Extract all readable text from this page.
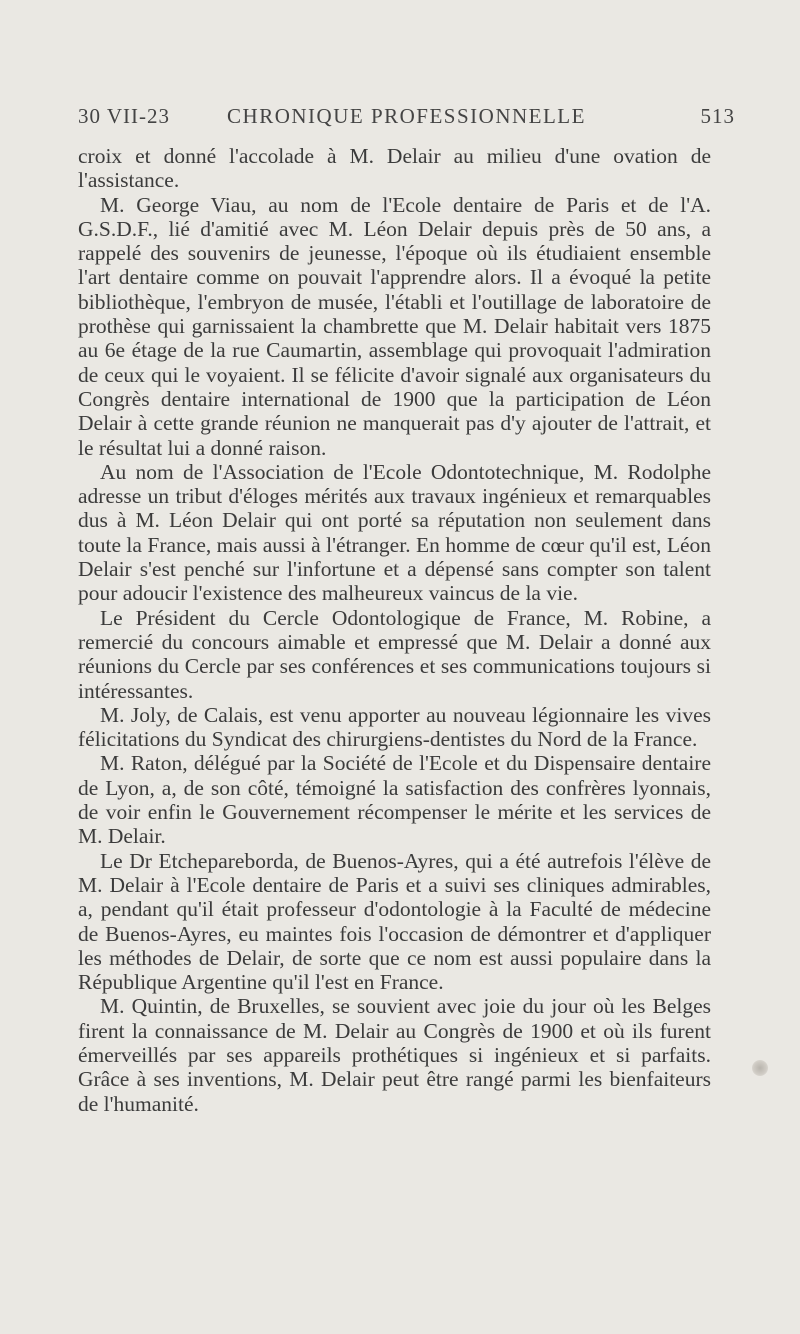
30 VII-23	CHRONIQUE PROFESSIONNELLE	513

croix et donné l'accolade à M. Delair au milieu d'une ovation de l'assistance.

M. George Viau, au nom de l'Ecole dentaire de Paris et de l'A. G.S.D.F., lié d'amitié avec M. Léon Delair depuis près de 50 ans, a rappelé des souvenirs de jeunesse, l'époque où ils étudiaient ensemble l'art dentaire comme on pouvait l'apprendre alors. Il a évoqué la petite bibliothèque, l'embryon de musée, l'établi et l'outillage de laboratoire de prothèse qui garnissaient la chambrette que M. Delair habitait vers 1875 au 6e étage de la rue Caumartin, assemblage qui provoquait l'admiration de ceux qui le voyaient. Il se félicite d'avoir signalé aux organisateurs du Congrès dentaire international de 1900 que la participation de Léon Delair à cette grande réunion ne manquerait pas d'y ajouter de l'attrait, et le résultat lui a donné raison.

Au nom de l'Association de l'Ecole Odontotechnique, M. Rodolphe adresse un tribut d'éloges mérités aux travaux ingénieux et remarquables dus à M. Léon Delair qui ont porté sa réputation non seulement dans toute la France, mais aussi à l'étranger. En homme de cœur qu'il est, Léon Delair s'est penché sur l'infortune et a dépensé sans compter son talent pour adoucir l'existence des malheureux vaincus de la vie.

Le Président du Cercle Odontologique de France, M. Robine, a remercié du concours aimable et empressé que M. Delair a donné aux réunions du Cercle par ses conférences et ses communications toujours si intéressantes.

M. Joly, de Calais, est venu apporter au nouveau légionnaire les vives félicitations du Syndicat des chirurgiens-dentistes du Nord de la France.

M. Raton, délégué par la Société de l'Ecole et du Dispensaire dentaire de Lyon, a, de son côté, témoigné la satisfaction des confrères lyonnais, de voir enfin le Gouvernement récompenser le mérite et les services de M. Delair.

Le Dr Etcheparebordа, de Buenos-Ayres, qui a été autrefois l'élève de M. Delair à l'Ecole dentaire de Paris et a suivi ses cliniques admirables, a, pendant qu'il était professeur d'odontologie à la Faculté de médecine de Buenos-Ayres, eu maintes fois l'occasion de démontrer et d'appliquer les méthodes de Delair, de sorte que ce nom est aussi populaire dans la République Argentine qu'il l'est en France.

M. Quintin, de Bruxelles, se souvient avec joie du jour où les Belges firent la connaissance de M. Delair au Congrès de 1900 et où ils furent émerveillés par ses appareils prothétiques si ingénieux et si parfaits. Grâce à ses inventions, M. Delair peut être rangé parmi les bienfaiteurs de l'humanité.
